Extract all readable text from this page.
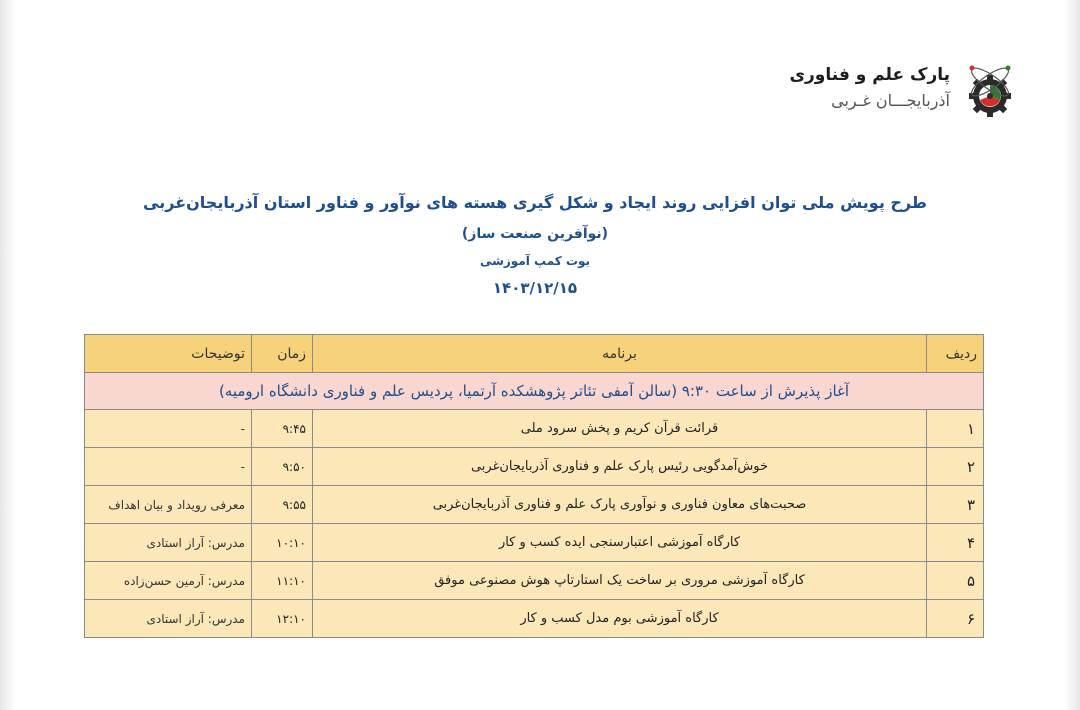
پارک علم و فناوری
آذربایجـــان غـربی
طرح پویش ملی توان افزایی روند ایجاد و شکل گیری هسته های نوآور و فناور استان آذربایجان‌غربی
(نوآفرین صنعت ساز)
بوت کمپ آموزشی
۱۴۰۳/۱۲/۱۵
ردیف	برنامه	زمان	توضیحات
آغاز پذیرش از ساعت ۹:۳۰ (سالن آمفی تئاتر پژوهشکده آرتمیا، پردیس علم و فناوری دانشگاه ارومیه)			
۱	قرائت قرآن کریم و پخش سرود ملی	۹:۴۵	-
۲	خوش‌آمدگویی رئیس پارک علم و فناوری آذربایجان‌غربی	۹:۵۰	-
۳	صحبت‌های معاون فناوری و نوآوری پارک علم و فناوری آذربایجان‌غربی	۹:۵۵	معرفی رویداد و بیان اهداف
۴	کارگاه آموزشی اعتبارسنجی ایده کسب و کار	۱۰:۱۰	مدرس: آراز استادی
۵	کارگاه آموزشی مروری بر ساخت یک استارتاپ هوش مصنوعی موفق	۱۱:۱۰	مدرس: آرمین حسن‌زاده
۶	کارگاه آموزشی بوم مدل کسب و کار	۱۲:۱۰	مدرس: آراز استادی
